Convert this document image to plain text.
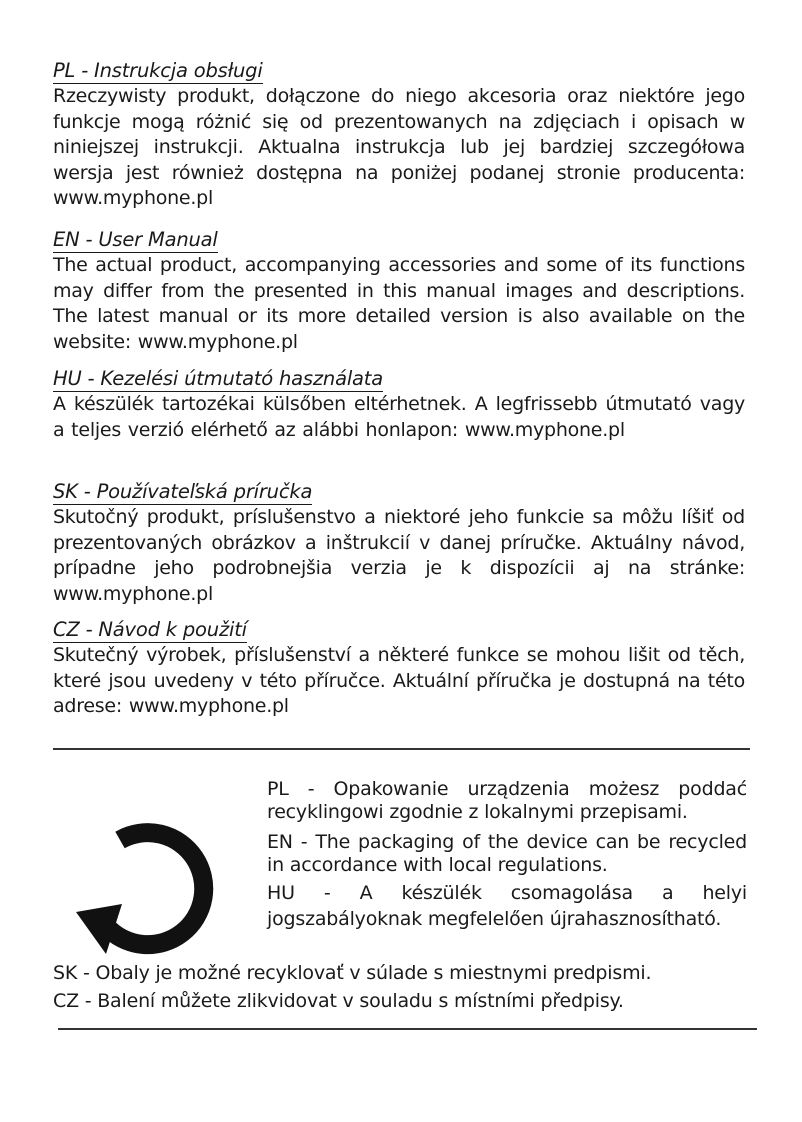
PL - Instrukcja obsługi

Rzeczywisty produkt, dołączone do niego akcesoria oraz niektóre jego funkcje mogą różnić się od prezentowanych na zdjęciach i opisach w niniejszej instrukcji. Aktualna instrukcja lub jej bardziej szczegółowa wersja jest również dostępna na poniżej podanej stronie producenta: www.myphone.pl

EN - User Manual

The actual product, accompanying accessories and some of its functions may differ from the presented in this manual images and descriptions. The latest manual or its more detailed version is also available on the website: www.myphone.pl

HU - Kezelési útmutató használata

A készülék tartozékai külsőben eltérhetnek. A legfrissebb útmutató vagy a teljes verzió elérhető az alábbi honlapon: www.myphone.pl

SK - Používateľská príručka

Skutočný produkt, príslušenstvo a niektoré jeho funkcie sa môžu líšiť od prezentovaných obrázkov a inštrukcií v danej príručke. Aktuálny návod, prípadne jeho podrobnejšia verzia je k dispozícii aj na stránke: www.myphone.pl

CZ - Návod k použití

Skutečný výrobek, příslušenství a některé funkce se mohou lišit od těch, které jsou uvedeny v této příručce. Aktuální příručka je dostupná na této adrese: www.myphone.pl

PL - Opakowanie urządzenia możesz poddać recyklingowi zgodnie z lokalnymi przepisami.

EN - The packaging of the device can be recycled in accordance with local regulations.

HU - A készülék csomagolása a helyi jogszabályoknak megfelelően újrahasznosítható.

SK - Obaly je možné recyklovať v súlade s miestnymi predpismi.

CZ - Balení můžete zlikvidovat v souladu s místními předpisy.
